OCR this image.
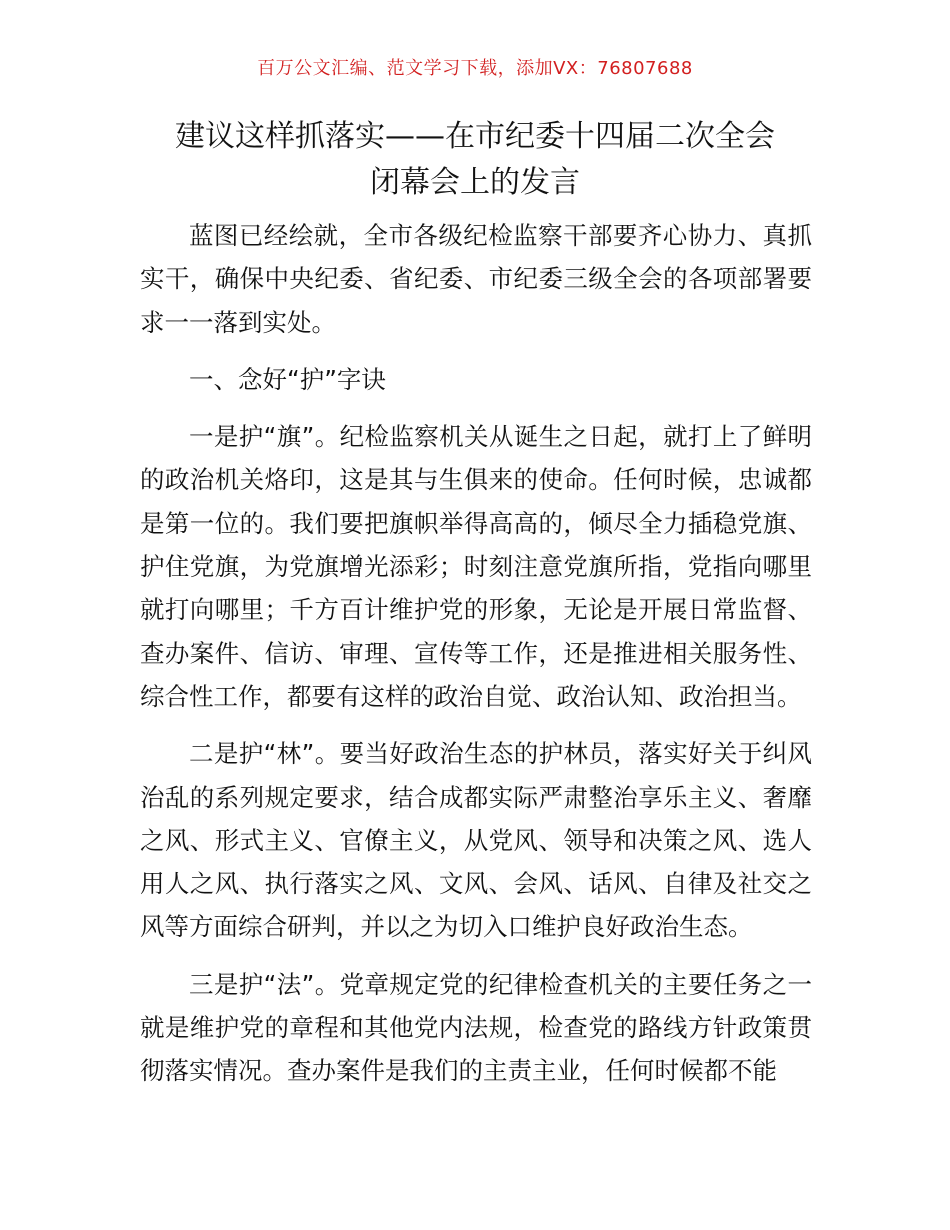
百万公文汇编、范文学习下载，添加VX：76807688
建议这样抓落实——在市纪委十四届二次全会
闭幕会上的发言

蓝图已经绘就，全市各级纪检监察干部要齐心协力、真抓实干，确保中央纪委、省纪委、市纪委三级全会的各项部署要求一一落到实处。

一、念好“护”字诀

一是护“旗”。纪检监察机关从诞生之日起，就打上了鲜明的政治机关烙印，这是其与生俱来的使命。任何时候，忠诚都是第一位的。我们要把旗帜举得高高的，倾尽全力插稳党旗、护住党旗，为党旗增光添彩；时刻注意党旗所指，党指向哪里就打向哪里；千方百计维护党的形象，无论是开展日常监督、查办案件、信访、审理、宣传等工作，还是推进相关服务性、综合性工作，都要有这样的政治自觉、政治认知、政治担当。

二是护“林”。要当好政治生态的护林员，落实好关于纠风治乱的系列规定要求，结合成都实际严肃整治享乐主义、奢靡之风、形式主义、官僚主义，从党风、领导和决策之风、选人用人之风、执行落实之风、文风、会风、话风、自律及社交之风等方面综合研判，并以之为切入口维护良好政治生态。

三是护“法”。党章规定党的纪律检查机关的主要任务之一就是维护党的章程和其他党内法规，检查党的路线方针政策贯彻落实情况。查办案件是我们的主责主业，任何时候都不能
